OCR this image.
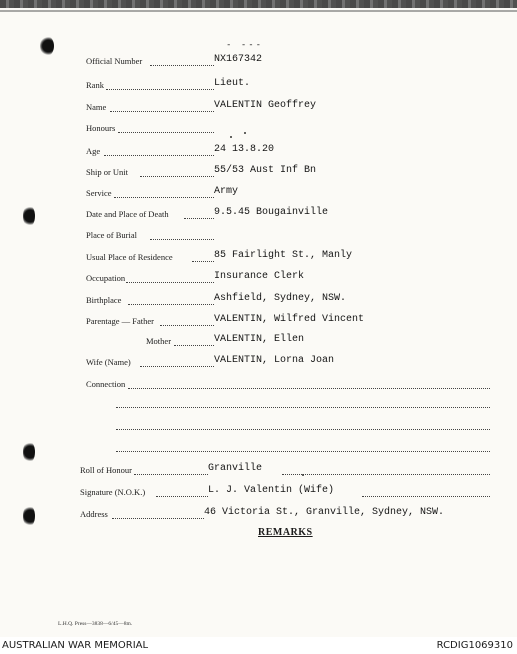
- ---
Official Number	NX167342
Rank	Lieut.
Name	VALENTIN Geoffrey
Honours
Age	24 13.8.20
Ship or Unit	55/53 Aust Inf Bn
Service	Army
Date and Place of Death	9.5.45 Bougainville
Place of Burial
Usual Place of Residence	85 Fairlight St., Manly
Occupation	Insurance Clerk
Birthplace	Ashfield, Sydney, NSW.
Parentage — Father	VALENTIN, Wilfred Vincent
Mother	VALENTIN, Ellen
Wife (Name)	VALENTIN, Lorna Joan
Connection
Roll of Honour	Granville
Signature (N.O.K.)	L. J. Valentin (Wife)
Address	46 Victoria St., Granville, Sydney, NSW.
REMARKS
L.H.Q. Press—3838—6/45—8m.
AUSTRALIAN WAR MEMORIAL	RCDIG1069310
